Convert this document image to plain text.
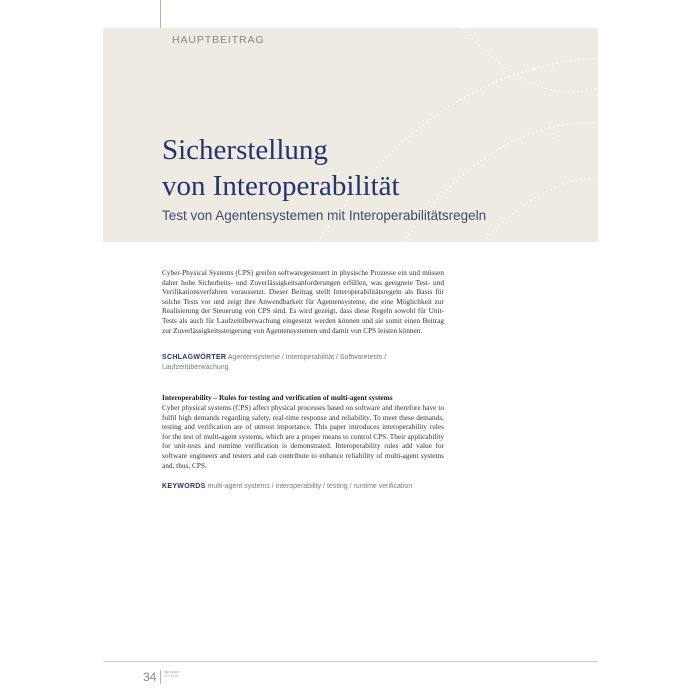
HAUPTBEITRAG
Sicherstellung
von Interoperabilität
Test von Agentensystemen mit Interoperabilitätsregeln
Cyber-Physical Systems (CPS) greifen softwaregesteuert in physische Prozesse ein und müssen daher hohe Sicherheits- und Zuverlässigkeitsanforderungen erfüllen, was geeignete Test- und Verifikationsverfahren voraussetzt. Dieser Beitrag stellt Interoperabilitätsregeln als Basis für solche Tests vor und zeigt ihre Anwendbarkeit für Agentensysteme, die eine Möglichkeit zur Realisierung der Steuerung von CPS sind. Es wird gezeigt, dass diese Regeln sowohl für Unit-Tests als auch für Laufzeitüberwachung eingesetzt werden können und sie somit einen Beitrag zur Zuverlässigkeitssteigerung von Agentensystemen und damit von CPS leisten können.
SCHLAGWÖRTER Agentensysteme / Interoperabilität / Softwaretests / Laufzeitüberwachung
Interoperability – Rules for testing and verification of multi-agent systems
Cyber physical systems (CPS) affect physical processes based on software and therefore have to fulfil high demands regarding safety, real-time response and reliability. To meet these demands, testing and verification are of utmost importance. This paper introduces interoperability rules for the test of multi-agent systems, which are a proper means to control CPS. Their applicability for unit-tests and runtime verification is demonstrated. Interoperability rules add value for software engineers and testers and can contribute to enhance reliability of multi-agent systems and, thus, CPS.
KEYWORDS multi-agent systems / interoperability / testing / runtime verification
34 atp edition
11 / 2016
